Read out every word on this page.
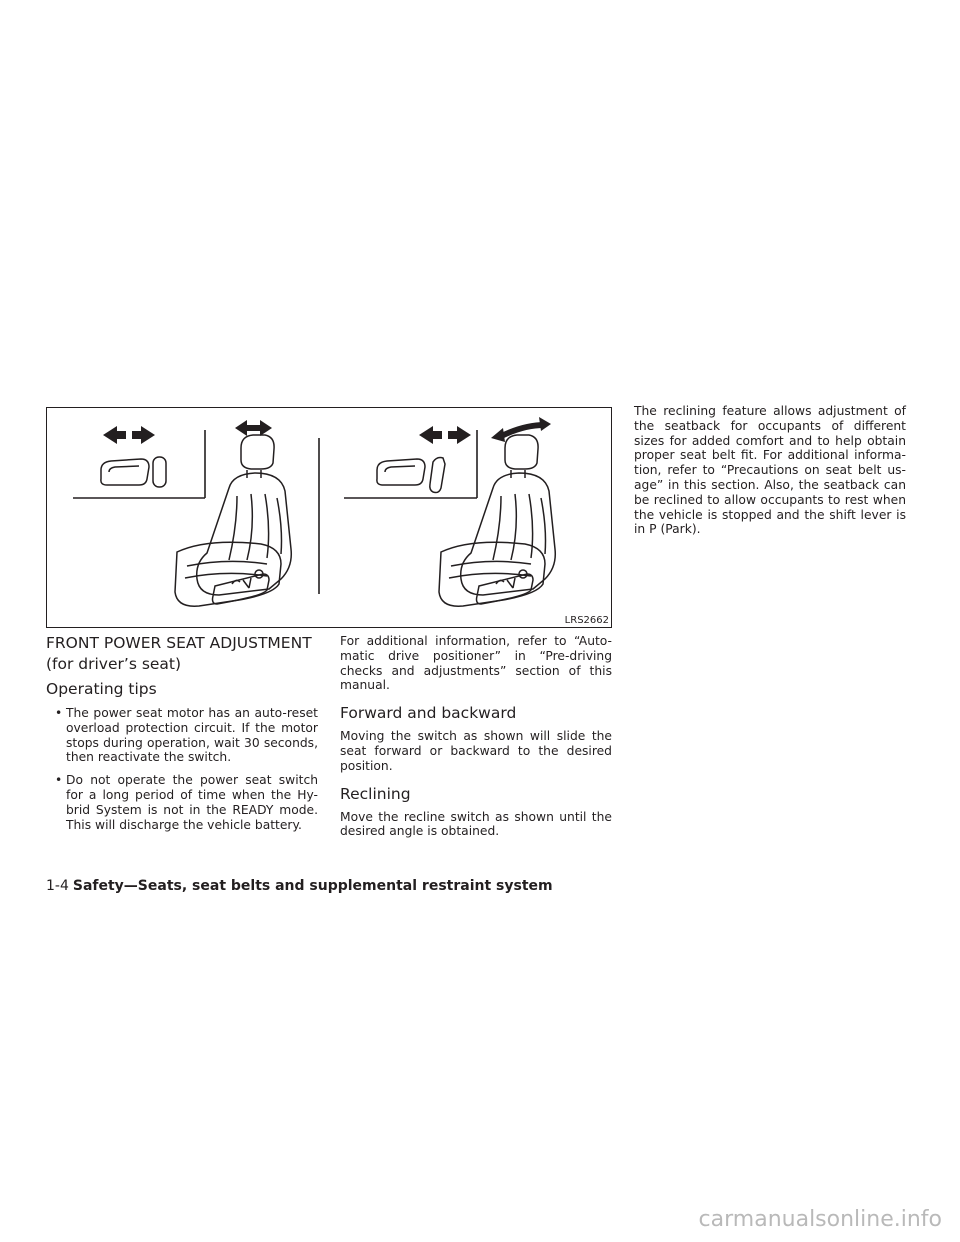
LRS2662
FRONT POWER SEAT ADJUSTMENT
(for driver’s seat)
Operating tips
• The power seat motor has an auto-reset overload protection circuit. If the motor stops during operation, wait 30 seconds, then reactivate the switch.
• Do not operate the power seat switch for a long period of time when the Hy-brid System is not in the READY mode. This will discharge the vehicle battery.

For additional information, refer to “Auto-matic drive positioner” in “Pre-driving checks and adjustments” section of this manual.

Forward and backward

Moving the switch as shown will slide the seat forward or backward to the desired position.

Reclining

Move the recline switch as shown until the desired angle is obtained.

The reclining feature allows adjustment of the seatback for occupants of different sizes for added comfort and to help obtain proper seat belt fit. For additional informa-tion, refer to “Precautions on seat belt us-age” in this section. Also, the seatback can be reclined to allow occupants to rest when the vehicle is stopped and the shift lever is in P (Park).

1-4 Safety—Seats, seat belts and supplemental restraint system
carmanualsonline.info
